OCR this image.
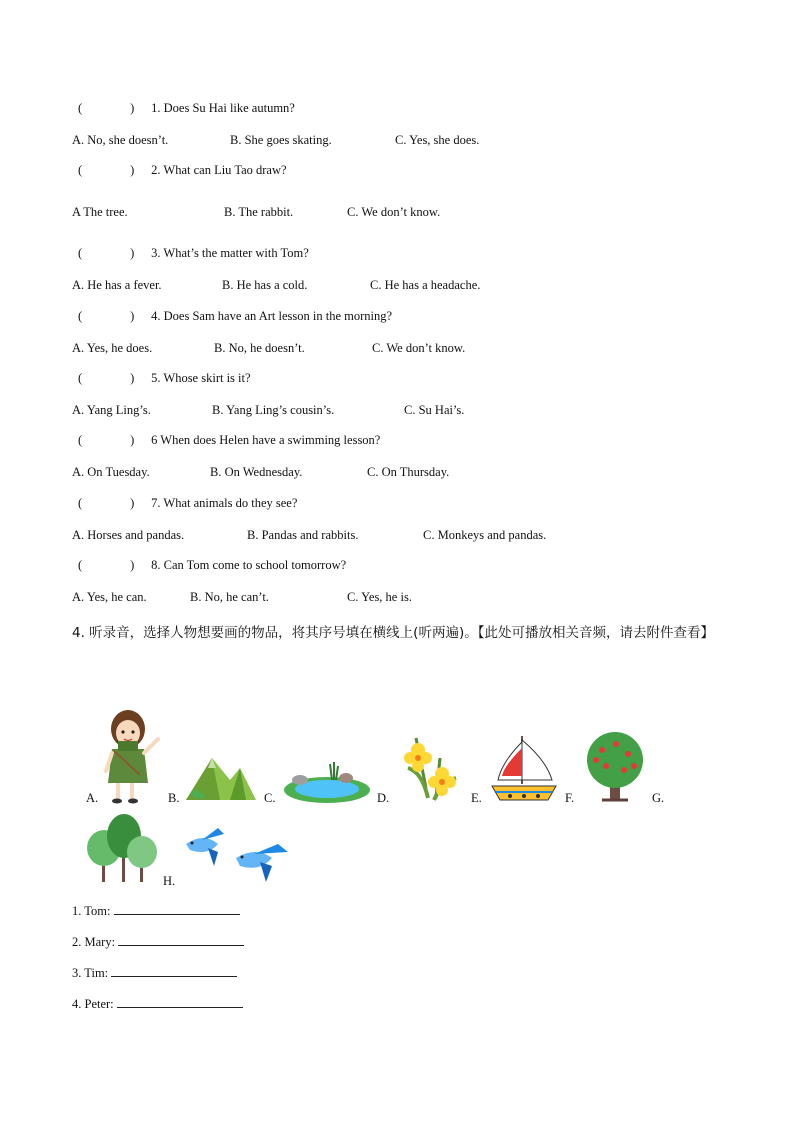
(	) 1. Does Su Hai like autumn?
A. No, she doesn’t.	B. She goes skating.	C. Yes, she does.
(	) 2. What can Liu Tao draw?
A The tree.	B. The rabbit.	C. We don’t know.
(	) 3. What’s the matter with Tom?
A. He has a fever.	B. He has a cold.	C. He has a headache.
(	) 4. Does Sam have an Art lesson in the morning?
A. Yes, he does.	B. No, he doesn’t.	C. We don’t know.
(	) 5. Whose skirt is it?
A. Yang Ling’s.	B. Yang Ling’s cousin’s.	C. Su Hai’s.
(	) 6 When does Helen have a swimming lesson?
A. On Tuesday.	B. On Wednesday.	C. On Thursday.
(	) 7. What animals do they see?
A. Horses and pandas.	B. Pandas and rabbits.	C. Monkeys and pandas.
(	) 8. Can Tom come to school tomorrow?
A. Yes, he can.	B. No, he can’t.	C. Yes, he is.
4. 听录音，选择人物想要画的物品，将其序号填在横线上(听两遍)。【此处可播放相关音频，请去附件查看】
A.	B.	C.	D.	E.	F.	G.
H.
1. Tom:
2. Mary:
3. Tim:
4. Peter:
